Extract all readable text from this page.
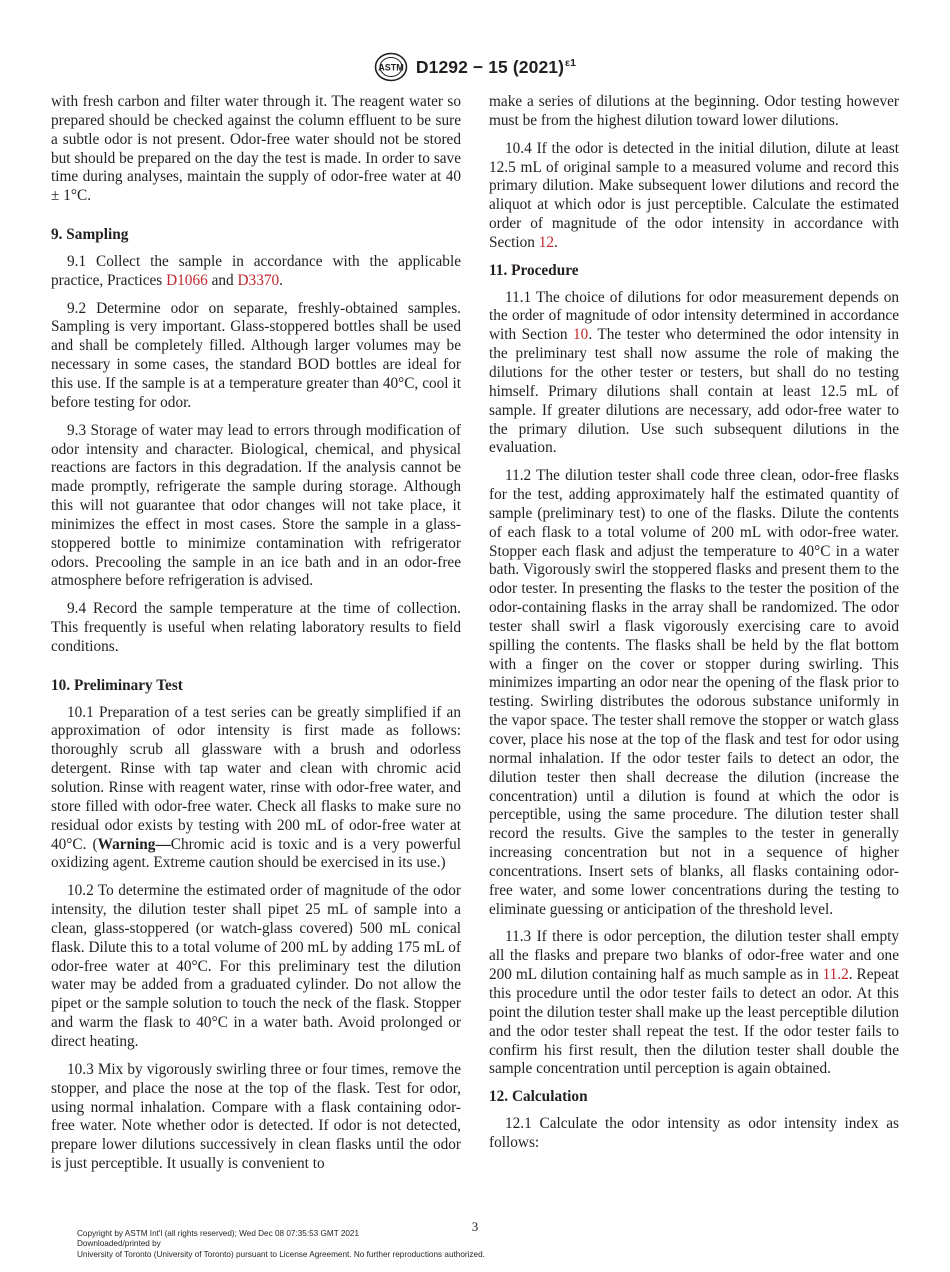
ASTM D1292 − 15 $(2021)^{\varepsilon 1}$

with fresh carbon and filter water through it. The reagent water so prepared should be checked against the column effluent to be sure a subtle odor is not present. Odor-free water should not be stored but should be prepared on the day the test is made. In order to save time during analyses, maintain the supply of odor-free water at 40 ± 1°C.

9. Sampling

9.1 Collect the sample in accordance with the applicable practice, Practices D1066 and D3370.

9.2 Determine odor on separate, freshly-obtained samples. Sampling is very important. Glass-stoppered bottles shall be used and shall be completely filled. Although larger volumes may be necessary in some cases, the standard BOD bottles are ideal for this use. If the sample is at a temperature greater than 40°C, cool it before testing for odor.

9.3 Storage of water may lead to errors through modification of odor intensity and character. Biological, chemical, and physical reactions are factors in this degradation. If the analysis cannot be made promptly, refrigerate the sample during storage. Although this will not guarantee that odor changes will not take place, it minimizes the effect in most cases. Store the sample in a glass-stoppered bottle to minimize contamination with refrigerator odors. Precooling the sample in an ice bath and in an odor-free atmosphere before refrigeration is advised.

9.4 Record the sample temperature at the time of collection. This frequently is useful when relating laboratory results to field conditions.

10. Preliminary Test

10.1 Preparation of a test series can be greatly simplified if an approximation of odor intensity is first made as follows: thoroughly scrub all glassware with a brush and odorless detergent. Rinse with tap water and clean with chromic acid solution. Rinse with reagent water, rinse with odor-free water, and store filled with odor-free water. Check all flasks to make sure no residual odor exists by testing with 200 mL of odor-free water at 40°C. (Warning—Chromic acid is toxic and is a very powerful oxidizing agent. Extreme caution should be exercised in its use.)

10.2 To determine the estimated order of magnitude of the odor intensity, the dilution tester shall pipet 25 mL of sample into a clean, glass-stoppered (or watch-glass covered) 500 mL conical flask. Dilute this to a total volume of 200 mL by adding 175 mL of odor-free water at 40°C. For this preliminary test the dilution water may be added from a graduated cylinder. Do not allow the pipet or the sample solution to touch the neck of the flask. Stopper and warm the flask to 40°C in a water bath. Avoid prolonged or direct heating.

10.3 Mix by vigorously swirling three or four times, remove the stopper, and place the nose at the top of the flask. Test for odor, using normal inhalation. Compare with a flask containing odor-free water. Note whether odor is detected. If odor is not detected, prepare lower dilutions successively in clean flasks until the odor is just perceptible. It usually is convenient to

make a series of dilutions at the beginning. Odor testing however must be from the highest dilution toward lower dilutions.

10.4 If the odor is detected in the initial dilution, dilute at least 12.5 mL of original sample to a measured volume and record this primary dilution. Make subsequent lower dilutions and record the aliquot at which odor is just perceptible. Calculate the estimated order of magnitude of the odor intensity in accordance with Section 12.

11. Procedure

11.1 The choice of dilutions for odor measurement depends on the order of magnitude of odor intensity determined in accordance with Section 10. The tester who determined the odor intensity in the preliminary test shall now assume the role of making the dilutions for the other tester or testers, but shall do no testing himself. Primary dilutions shall contain at least 12.5 mL of sample. If greater dilutions are necessary, add odor-free water to the primary dilution. Use such subsequent dilutions in the evaluation.

11.2 The dilution tester shall code three clean, odor-free flasks for the test, adding approximately half the estimated quantity of sample (preliminary test) to one of the flasks. Dilute the contents of each flask to a total volume of 200 mL with odor-free water. Stopper each flask and adjust the temperature to 40°C in a water bath. Vigorously swirl the stoppered flasks and present them to the odor tester. In presenting the flasks to the tester the position of the odor-containing flasks in the array shall be randomized. The odor tester shall swirl a flask vigorously exercising care to avoid spilling the contents. The flasks shall be held by the flat bottom with a finger on the cover or stopper during swirling. This minimizes imparting an odor near the opening of the flask prior to testing. Swirling distributes the odorous substance uniformly in the vapor space. The tester shall remove the stopper or watch glass cover, place his nose at the top of the flask and test for odor using normal inhalation. If the odor tester fails to detect an odor, the dilution tester then shall decrease the dilution (increase the concentration) until a dilution is found at which the odor is perceptible, using the same procedure. The dilution tester shall record the results. Give the samples to the tester in generally increasing concentration but not in a sequence of higher concentrations. Insert sets of blanks, all flasks containing odor-free water, and some lower concentrations during the testing to eliminate guessing or anticipation of the threshold level.

11.3 If there is odor perception, the dilution tester shall empty all the flasks and prepare two blanks of odor-free water and one 200 mL dilution containing half as much sample as in 11.2. Repeat this procedure until the odor tester fails to detect an odor. At this point the dilution tester shall make up the least perceptible dilution and the odor tester shall repeat the test. If the odor tester fails to confirm his first result, then the dilution tester shall double the sample concentration until perception is again obtained.

12. Calculation

12.1 Calculate the odor intensity as odor intensity index as follows:

3
Copyright by ASTM Int'l (all rights reserved); Wed Dec 08 07:35:53 GMT 2021
Downloaded/printed by
University of Toronto (University of Toronto) pursuant to License Agreement. No further reproductions authorized.
